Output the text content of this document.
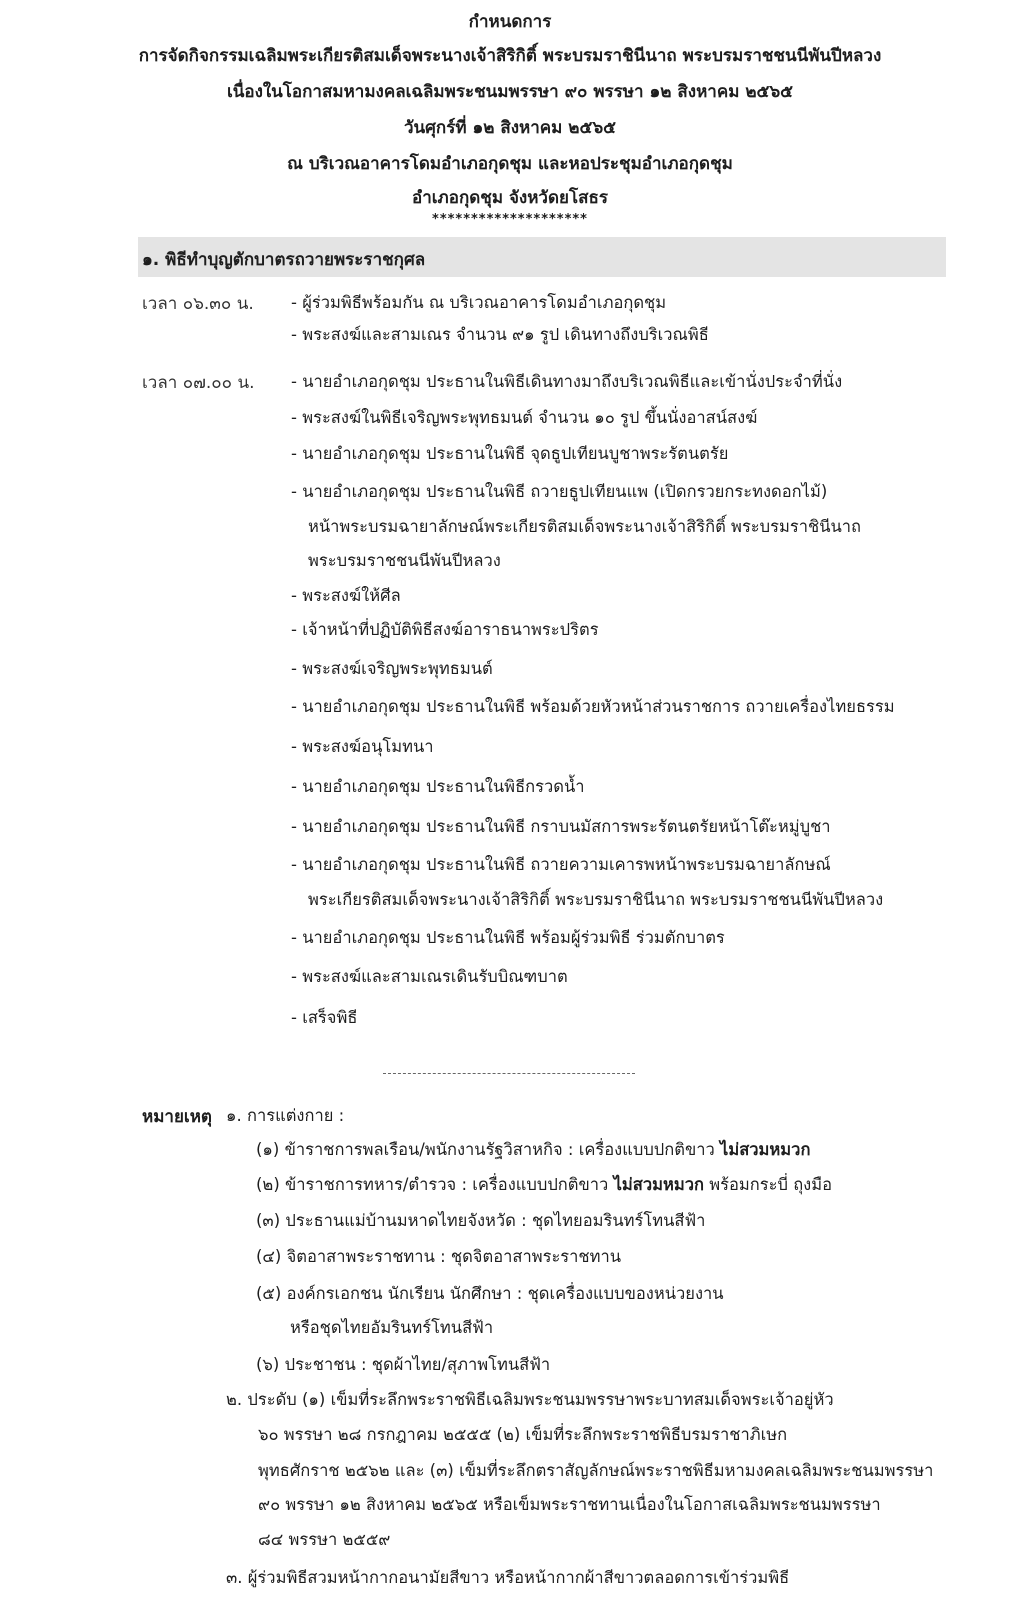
กำหนดการ
การจัดกิจกรรมเฉลิมพระเกียรติสมเด็จพระนางเจ้าสิริกิติ์ พระบรมราชินีนาถ พระบรมราชชนนีพันปีหลวง
เนื่องในโอกาสมหามงคลเฉลิมพระชนมพรรษา ๙๐ พรรษา ๑๒ สิงหาคม ๒๕๖๕
วันศุกร์ที่ ๑๒ สิงหาคม ๒๕๖๕
ณ บริเวณอาคารโดมอำเภอกุดชุม และหอประชุมอำเภอกุดชุม
อำเภอกุดชุม จังหวัดยโสธร
********************
๑. พิธีทำบุญตักบาตรถวายพระราชกุศล
เวลา ๐๖.๓๐ น. - ผู้ร่วมพิธีพร้อมกัน ณ บริเวณอาคารโดมอำเภอกุดชุม
- พระสงฆ์และสามเณร จำนวน ๙๑ รูป เดินทางถึงบริเวณพิธี
เวลา ๐๗.๐๐ น. - นายอำเภอกุดชุม ประธานในพิธีเดินทางมาถึงบริเวณพิธีและเข้านั่งประจำที่นั่ง
- พระสงฆ์ในพิธีเจริญพระพุทธมนต์ จำนวน ๑๐ รูป ขึ้นนั่งอาสน์สงฆ์
- นายอำเภอกุดชุม ประธานในพิธี จุดธูปเทียนบูชาพระรัตนตรัย
- นายอำเภอกุดชุม ประธานในพิธี ถวายธูปเทียนแพ (เปิดกรวยกระทงดอกไม้)
หน้าพระบรมฉายาลักษณ์พระเกียรติสมเด็จพระนางเจ้าสิริกิติ์ พระบรมราชินีนาถ
พระบรมราชชนนีพันปีหลวง
- พระสงฆ์ให้ศีล
- เจ้าหน้าที่ปฏิบัติพิธีสงฆ์อาราธนาพระปริตร
- พระสงฆ์เจริญพระพุทธมนต์
- นายอำเภอกุดชุม ประธานในพิธี พร้อมด้วยหัวหน้าส่วนราชการ ถวายเครื่องไทยธรรม
- พระสงฆ์อนุโมทนา
- นายอำเภอกุดชุม ประธานในพิธีกรวดน้ำ
- นายอำเภอกุดชุม ประธานในพิธี กราบนมัสการพระรัตนตรัยหน้าโต๊ะหมู่บูชา
- นายอำเภอกุดชุม ประธานในพิธี ถวายความเคารพหน้าพระบรมฉายาลักษณ์
พระเกียรติสมเด็จพระนางเจ้าสิริกิติ์ พระบรมราชินีนาถ พระบรมราชชนนีพันปีหลวง
- นายอำเภอกุดชุม ประธานในพิธี พร้อมผู้ร่วมพิธี ร่วมตักบาตร
- พระสงฆ์และสามเณรเดินรับบิณฑบาต
- เสร็จพิธี
หมายเหตุ ๑. การแต่งกาย :
(๑) ข้าราชการพลเรือน/พนักงานรัฐวิสาหกิจ : เครื่องแบบปกติขาว ไม่สวมหมวก
(๒) ข้าราชการทหาร/ตำรวจ : เครื่องแบบปกติขาว ไม่สวมหมวก พร้อมกระบี่ ถุงมือ
(๓) ประธานแม่บ้านมหาดไทยจังหวัด : ชุดไทยอมรินทร์โทนสีฟ้า
(๔) จิตอาสาพระราชทาน : ชุดจิตอาสาพระราชทาน
(๕) องค์กรเอกชน นักเรียน นักศึกษา : ชุดเครื่องแบบของหน่วยงาน
หรือชุดไทยอัมรินทร์โทนสีฟ้า
(๖) ประชาชน : ชุดผ้าไทย/สุภาพโทนสีฟ้า
๒. ประดับ (๑) เข็มที่ระลึกพระราชพิธีเฉลิมพระชนมพรรษาพระบาทสมเด็จพระเจ้าอยู่หัว
๖๐ พรรษา ๒๘ กรกฎาคม ๒๕๕๕ (๒) เข็มที่ระลึกพระราชพิธีบรมราชาภิเษก
พุทธศักราช ๒๕๖๒ และ (๓) เข็มที่ระลึกตราสัญลักษณ์พระราชพิธีมหามงคลเฉลิมพระชนมพรรษา
๙๐ พรรษา ๑๒ สิงหาคม ๒๕๖๕ หรือเข็มพระราชทานเนื่องในโอกาสเฉลิมพระชนมพรรษา
๘๔ พรรษา ๒๕๕๙
๓. ผู้ร่วมพิธีสวมหน้ากากอนามัยสีขาว หรือหน้ากากผ้าสีขาวตลอดการเข้าร่วมพิธี
